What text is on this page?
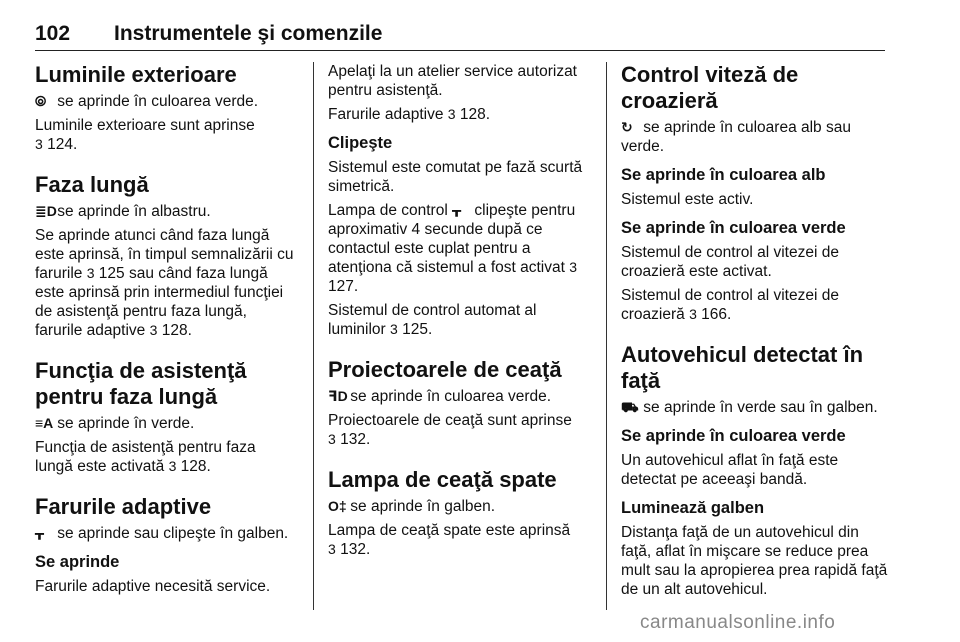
102 Instrumentele şi comenzile
Luminile exterioare
⦾ se aprinde în culoarea verde.
Luminile exterioare sunt aprinse
3 124.
Faza lungă
≣D se aprinde în albastru.
Se aprinde atunci când faza lungă este aprinsă, în timpul semnalizării cu farurile 3 125 sau când faza lungă este aprinsă prin intermediul funcţiei de asistenţă pentru faza lungă, farurile adaptive 3 128.
Funcţia de asistenţă pentru faza lungă
≡A se aprinde în verde.
Funcţia de asistenţă pentru faza lungă este activată 3 128.
Farurile adaptive
ᚁ se aprinde sau clipeşte în galben.
Se aprinde
Farurile adaptive necesită service.
Apelaţi la un atelier service autorizat pentru asistenţă.
Farurile adaptive 3 128.
Clipeşte
Sistemul este comutat pe fază scurtă simetrică.
Lampa de control ᚁ clipeşte pentru aproximativ 4 secunde după ce contactul este cuplat pentru a atenţiona că sistemul a fost activat 3 127.
Sistemul de control automat al luminilor 3 125.
Proiectoarele de ceaţă
ꟻD se aprinde în culoarea verde.
Proiectoarele de ceaţă sunt aprinse
3 132.
Lampa de ceaţă spate
O‡ se aprinde în galben.
Lampa de ceaţă spate este aprinsă
3 132.
Control viteză de croazieră
↻ se aprinde în culoarea alb sau verde.
Se aprinde în culoarea alb
Sistemul este activ.
Se aprinde în culoarea verde
Sistemul de control al vitezei de croazieră este activat.
Sistemul de control al vitezei de croazieră 3 166.
Autovehicul detectat în faţă
⛟ se aprinde în verde sau în galben.
Se aprinde în culoarea verde
Un autovehicul aflat în faţă este detectat pe aceeaşi bandă.
Luminează galben
Distanţa faţă de un autovehicul din faţă, aflat în mişcare se reduce prea mult sau la apropierea prea rapidă faţă de un alt autovehicul.
carmanualsonline.info
